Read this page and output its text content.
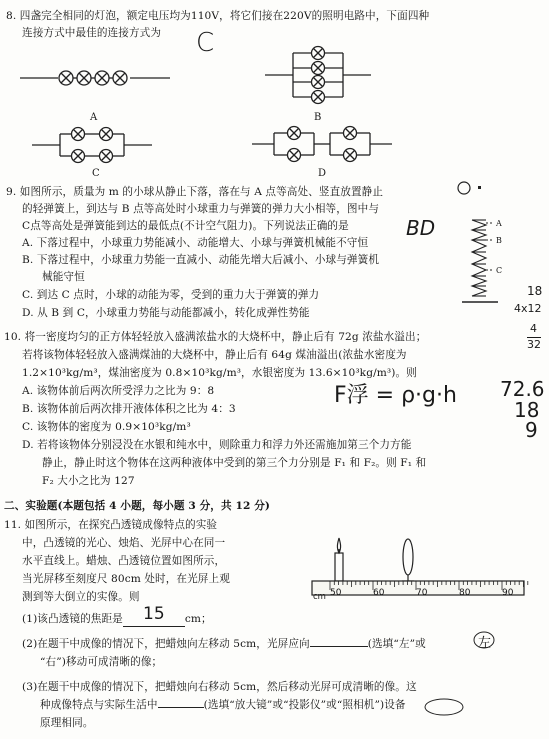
8. 四盏完全相同的灯泡，额定电压均为110V，将它们接在220V的照明电路中，下面四种
连接方式中最佳的连接方式为 C
A	B
C	D
9. 如图所示，质量为 m 的小球从静止下落，落在与 A 点等高处、竖直放置静止
的轻弹簧上，到达与 B 点等高处时小球重力与弹簧的弹力大小相等，图中与
C点等高处是弹簧能到达的最低点(不计空气阻力)。下列说法正确的是	BD
A. 下落过程中，小球重力势能减小、动能增大、小球与弹簧机械能不守恒
B. 下落过程中，小球重力势能一直减小、动能先增大后减小、小球与弹簧机
械能守恒
C. 到达 C 点时，小球的动能为零，受到的重力大于弹簧的弹力
D. 从 B 到 C，小球重力势能与动能都减小，转化成弹性势能
A
B
C
18
4x12
4
32
10. 将一密度均匀的正方体轻轻放入盛满浓盐水的大烧杯中，静止后有 72g 浓盐水溢出；
若将该物体轻轻放入盛满煤油的大烧杯中，静止后有 64g 煤油溢出(浓盐水密度为
1.2×10³kg/m³，煤油密度为 0.8×10³kg/m³，水银密度为 13.6×10³kg/m³)。则
A. 该物体前后两次所受浮力之比为 9：8
B. 该物体前后两次排开液体体积之比为 4：3
C. 该物体的密度为 0.9×10³kg/m³
D. 若将该物体分别浸没在水银和纯水中，则除重力和浮力外还需施加第三个力方能
静止，静止时这个物体在这两种液体中受到的第三个力分别是 F₁ 和 F₂。则 F₁ 和
F₂ 大小之比为 127
F浮 = ρ·g·h 72.6
18
9
二、实验题(本题包括 4 小题，每小题 3 分，共 12 分)
11. 如图所示，在探究凸透镜成像特点的实验
中，凸透镜的光心、烛焰、光屏中心在同一
水平直线上。蜡烛、凸透镜位置如图所示，
当光屏移至刻度尺 80cm 处时，在光屏上观
测到等大倒立的实像。则	cm 50	60	70	80	90
(1)该凸透镜的焦距是 15 cm；
(2)在题干中成像的情况下，把蜡烛向左移动 5cm，光屏应向	(选填“左”或	左
“右”)移动可成清晰的像；
(3)在题干中成像的情况下，把蜡烛向右移动 5cm，然后移动光屏可成清晰的像。这
种成像特点与实际生活中	(选填“放大镜”或“投影仪”或“照相机”)设备
原理相同。
